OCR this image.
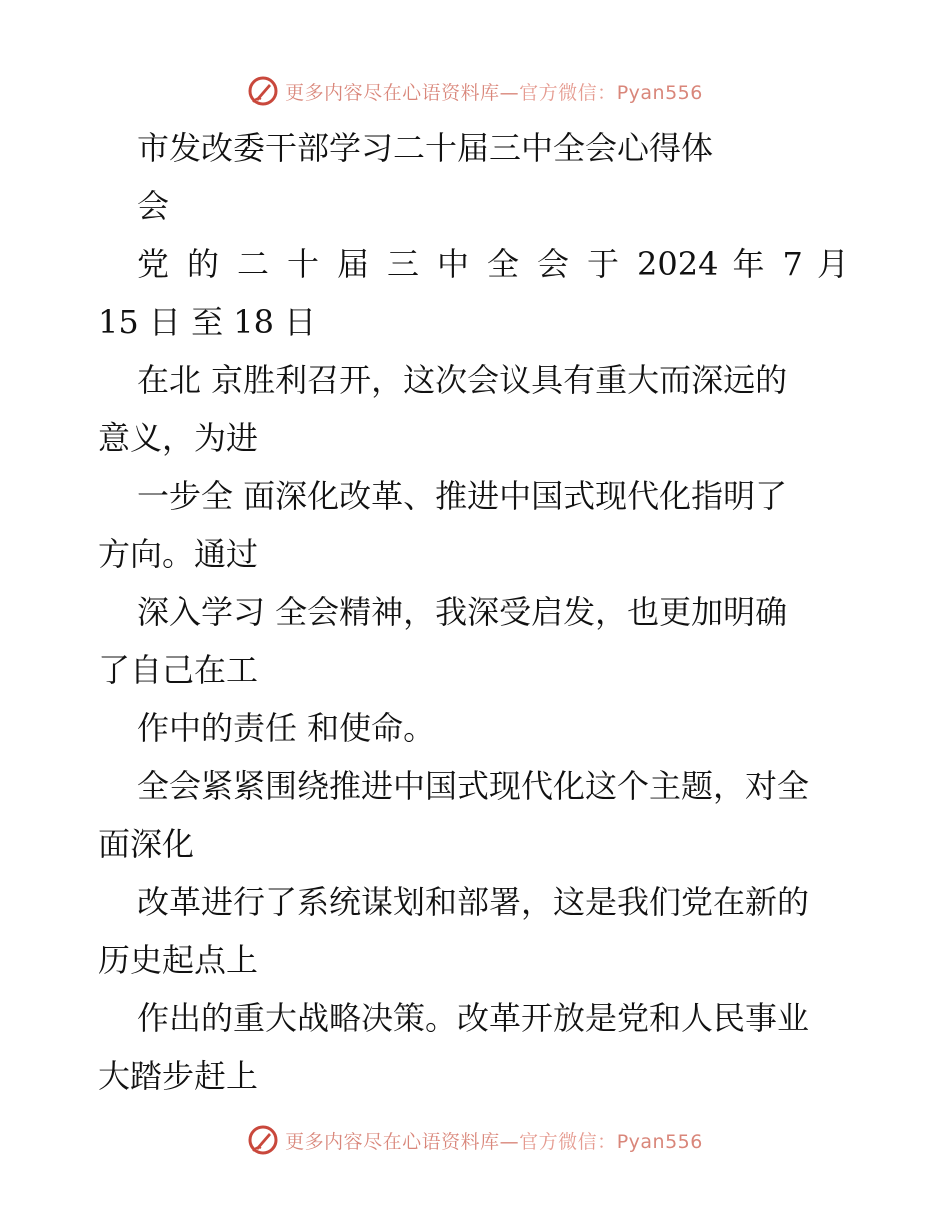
更多内容尽在心语资料库—官方微信：Pyan556
市发改委干部学习二十届三中全会心得体
会
党 的 二 十 届 三 中 全 会 于 2024 年 7 月
15 日 至 18 日
在北 京胜利召开，这次会议具有重大而深远的
意义，为进
一步全 面深化改革、推进中国式现代化指明了
方向。通过
深入学习 全会精神，我深受启发，也更加明确
了自己在工
作中的责任 和使命。
全会紧紧围绕推进中国式现代化这个主题，对全
面深化
改革进行了系统谋划和部署，这是我们党在新的
历史起点上
作出的重大战略决策。改革开放是党和人民事业
大踏步赶上
更多内容尽在心语资料库—官方微信：Pyan556
